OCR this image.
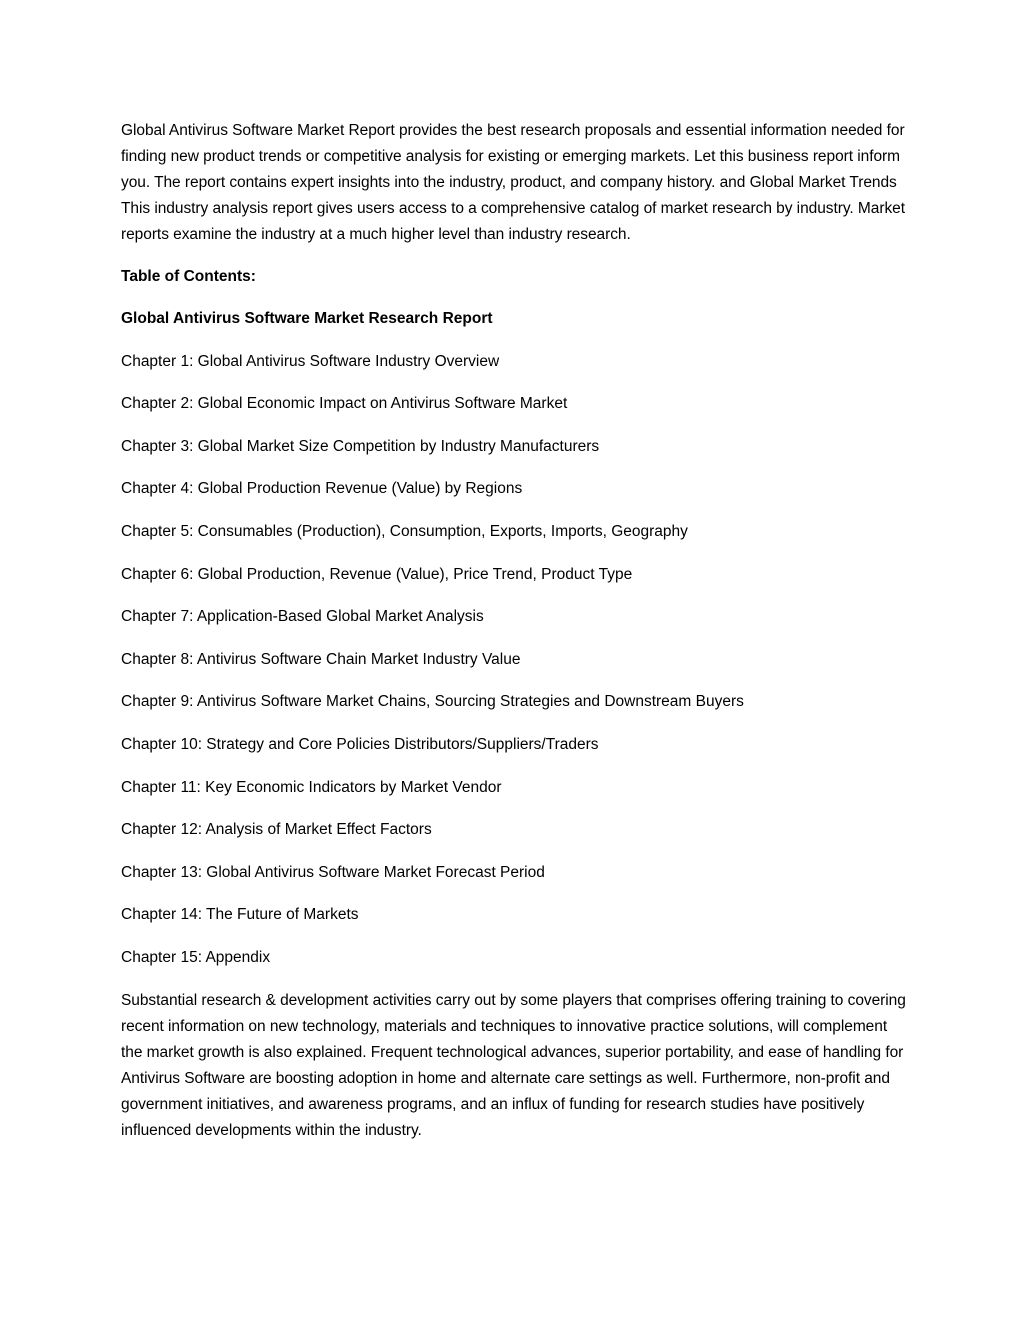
Global Antivirus Software Market Report provides the best research proposals and essential information needed for finding new product trends or competitive analysis for existing or emerging markets. Let this business report inform you. The report contains expert insights into the industry, product, and company history. and Global Market Trends This industry analysis report gives users access to a comprehensive catalog of market research by industry. Market reports examine the industry at a much higher level than industry research.

Table of Contents:

Global Antivirus Software Market Research Report

Chapter 1: Global Antivirus Software Industry Overview
Chapter 2: Global Economic Impact on Antivirus Software Market
Chapter 3: Global Market Size Competition by Industry Manufacturers
Chapter 4: Global Production Revenue (Value) by Regions
Chapter 5: Consumables (Production), Consumption, Exports, Imports, Geography
Chapter 6: Global Production, Revenue (Value), Price Trend, Product Type
Chapter 7: Application-Based Global Market Analysis
Chapter 8: Antivirus Software Chain Market Industry Value
Chapter 9: Antivirus Software Market Chains, Sourcing Strategies and Downstream Buyers
Chapter 10: Strategy and Core Policies Distributors/Suppliers/Traders
Chapter 11: Key Economic Indicators by Market Vendor
Chapter 12: Analysis of Market Effect Factors
Chapter 13: Global Antivirus Software Market Forecast Period
Chapter 14: The Future of Markets
Chapter 15: Appendix

Substantial research & development activities carry out by some players that comprises offering training to covering recent information on new technology, materials and techniques to innovative practice solutions, will complement the market growth is also explained. Frequent technological advances, superior portability, and ease of handling for Antivirus Software are boosting adoption in home and alternate care settings as well. Furthermore, non-profit and government initiatives, and awareness programs, and an influx of funding for research studies have positively influenced developments within the industry.
